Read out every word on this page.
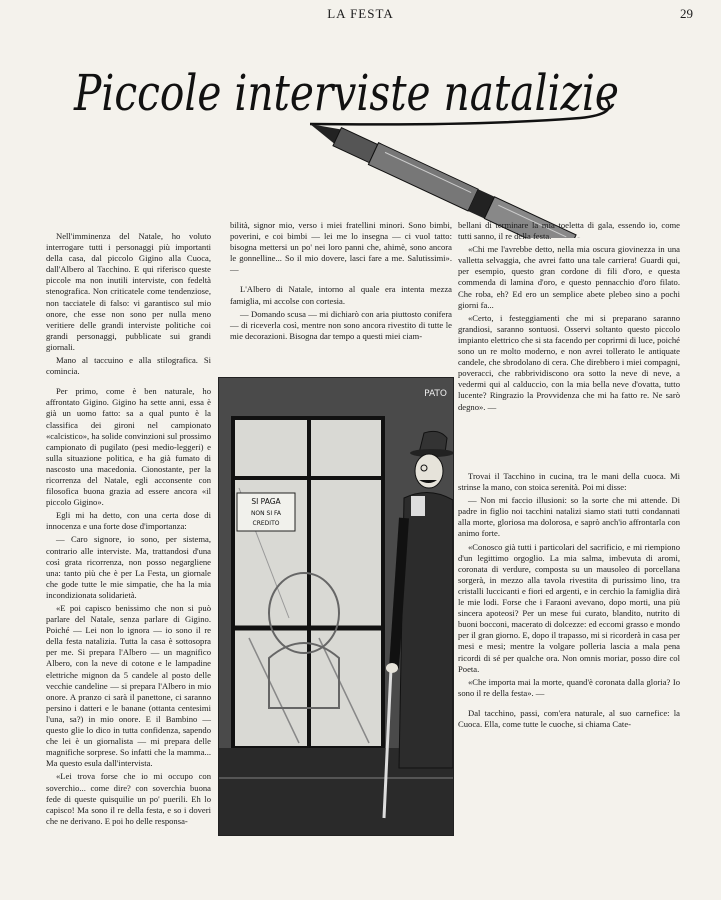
LA FESTA	29
Piccole interviste natalizie

Nell'imminenza del Natale, ho voluto interrogare tutti i personaggi più importanti della casa, dal piccolo Gigino alla Cuoca, dall'Albero al Tacchino. E qui riferisco queste piccole ma non inutili interviste, con fedeltà stenografica. Non criticatele come tendenziose, non tacciatele di falso: vi garantisco sul mio onore, che esse non sono per nulla meno veritiere delle grandi interviste politiche coi grandi personaggi, pubblicate sui grandi giornali.

Mano al taccuino e alla stilografica. Si comincia.

Per primo, come è ben naturale, ho affrontato Gigino. Gigino ha sette anni, essa è già un uomo fatto: sa a qual punto è la classifica dei gironi nel campionato «calcistico», ha solide convinzioni sul prossimo campionato di pugilato (pesi medio-leggeri) e sulla situazione politica, e ha già fumato di nascosto una macedonia. Cionostante, per la ricorrenza del Natale, egli acconsente con filosofica buona grazia ad essere ancora «il piccolo Gigino».

Egli mi ha detto, con una certa dose di innocenza e una forte dose d'importanza:

— Caro signore, io sono, per sistema, contrario alle interviste. Ma, trattandosi d'una così grata ricorrenza, non posso negargliene una: tanto più che è per La Festa, un giornale che gode tutte le mie simpatie, che ha la mia incondizionata solidarietà.

«E poi capisco benissimo che non si può parlare del Natale, senza parlare di Gigino. Poiché — Lei non lo ignora — io sono il re della festa natalizia. Tutta la casa è sottosopra per me. Si prepara l'Albero — un magnifico Albero, con la neve di cotone e le lampadine elettriche mignon da 5 candele al posto delle vecchie candeline — si prepara l'Albero in mio onore. A pranzo ci sarà il panettone, ci saranno persino i datteri e le banane (ottanta centesimi l'una, sa?) in mio onore. E il Bambino — questo glie lo dico in tutta confidenza, sapendo che lei è un giornalista — mi prepara delle magnifiche sorprese. So infatti che la mamma... Ma questo esula dall'intervista.

«Lei trova forse che io mi occupo con soverchio... come dire? con soverchia buona fede di queste quisquilie un po' puerili. Eh lo capisco! Ma sono il re della festa, e so i doveri che ne derivano. E poi ho delle responsa-

bilità, signor mio, verso i miei fratellini minori. Sono bimbi, poverini, e coi bimbi — lei me lo insegna — ci vuol tatto: bisogna mettersi un po' nei loro panni che, ahimè, sono ancora le gonnelline... So il mio dovere, lasci fare a me. Salutissimi». —

L'Albero di Natale, intorno al quale era intenta mezza famiglia, mi accolse con cortesia.

— Domando scusa — mi dichiarò con aria piuttosto conifera — di riceverla così, mentre non sono ancora rivestito di tutte le mie decorazioni. Bisogna dar tempo a questi miei ciam-

bellani di terminare la mia toeletta di gala, essendo io, come tutti sanno, il re della festa.

«Chi me l'avrebbe detto, nella mia oscura giovinezza in una valletta selvaggia, che avrei fatto una tale carriera! Guardi qui, per esempio, questo gran cordone di fili d'oro, e questa commenda di lamina d'oro, e questo pennacchio d'oro filato. Che roba, eh? Ed ero un semplice abete plebeo sino a pochi giorni fa...

«Certo, i festeggiamenti che mi si preparano saranno grandiosi, saranno sontuosi. Osservi soltanto questo piccolo impianto elettrico che si sta facendo per coprirmi di luce, poiché sono un re molto moderno, e non avrei tollerato le antiquate candele, che sbrodolano di cera. Che direbbero i miei compagni, poveracci, che rabbrividiscono ora sotto la neve di neve, a vedermi qui al calduccio, con la mia bella neve d'ovatta, tutto lucente? Ringrazio la Provvidenza che mi ha fatto re. Ne sarò degno». —

Trovai il Tacchino in cucina, tra le mani della cuoca. Mi strinse la mano, con stoica serenità. Poi mi disse:

— Non mi faccio illusioni: so la sorte che mi attende. Di padre in figlio noi tacchini natalizi siamo stati tutti condannati alla morte, gloriosa ma dolorosa, e saprò anch'io affrontarla con animo forte.

«Conosco già tutti i particolari del sacrificio, e mi riempiono d'un legittimo orgoglio. La mia salma, imbevuta di aromi, coronata di verdure, composta su un mausoleo di porcellana sorgerà, in mezzo alla tavola rivestita di purissimo lino, tra cristalli luccicanti e fiori ed argenti, e in cerchio la famiglia dirà le mie lodi. Forse che i Faraoni avevano, dopo morti, una più sincera apoteosi? Per un mese fui curato, blandito, nutrito di buoni bocconi, macerato di dolcezze: ed eccomi grasso e mondo per il gran giorno. E, dopo il trapasso, mi si ricorderà in casa per mesi e mesi; mentre la volgare polleria lascia a mala pena ricordi di sé per qualche ora. Non omnis moriar, posso dire col Poeta.

«Che importa mai la morte, quand'è coronata dalla gloria? Io sono il re della festa». —

Dal tacchino, passi, com'era naturale, al suo carnefice: la Cuoca. Ella, come tutte le cuoche, si chiama Cate-

SI PAGA
NON SI FA
CREDITO
PATO
